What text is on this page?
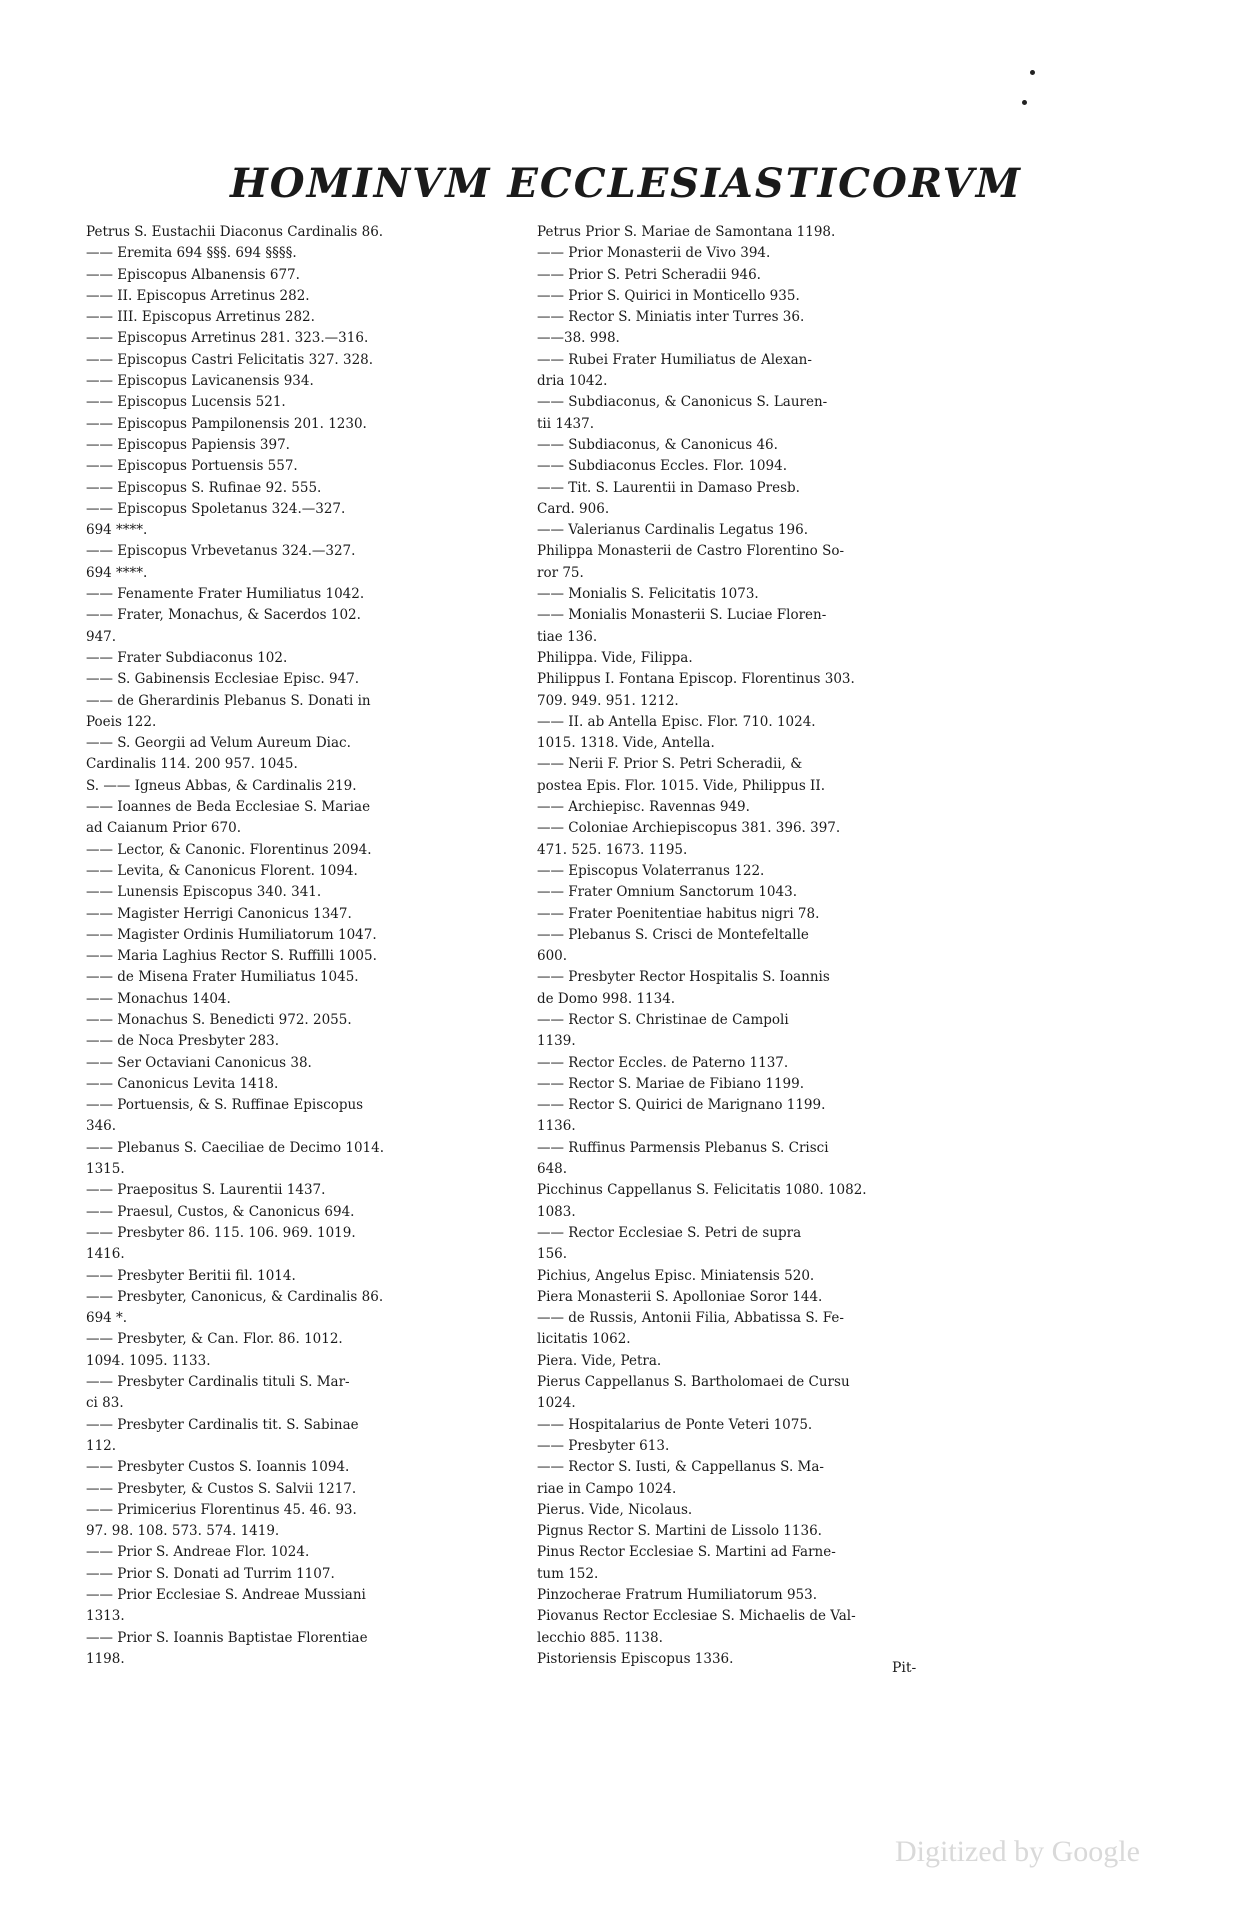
HOMINVM ECCLESIASTICORVM
Petrus S. Eustachii Diaconus Cardinalis 86.
—— Eremita 694 §§§. 694 §§§§.
—— Episcopus Albanensis 677.
—— II. Episcopus Arretinus 282.
—— III. Episcopus Arretinus 282.
—— Episcopus Arretinus 281. 323.—316.
—— Episcopus Castri Felicitatis 327. 328.
—— Episcopus Lavicanensis 934.
—— Episcopus Lucensis 521.
—— Episcopus Pampilonensis 201. 1230.
—— Episcopus Papiensis 397.
—— Episcopus Portuensis 557.
—— Episcopus S. Rufinae 92. 555.
—— Episcopus Spoletanus 324.—327.
694 ****.
—— Episcopus Vrbevetanus 324.—327.
694 ****.
—— Fenamente Frater Humiliatus 1042.
—— Frater, Monachus, & Sacerdos 102.
947.
—— Frater Subdiaconus 102.
—— S. Gabinensis Ecclesiae Episc. 947.
—— de Gherardinis Plebanus S. Donati in
Poeis 122.
—— S. Georgii ad Velum Aureum Diac.
Cardinalis 114. 200 957. 1045.
S. —— Igneus Abbas, & Cardinalis 219.
—— Ioannes de Beda Ecclesiae S. Mariae
ad Caianum Prior 670.
—— Lector, & Canonic. Florentinus 2094.
—— Levita, & Canonicus Florent. 1094.
—— Lunensis Episcopus 340. 341.
—— Magister Herrigi Canonicus 1347.
—— Magister Ordinis Humiliatorum 1047.
—— Maria Laghius Rector S. Ruffilli 1005.
—— de Misena Frater Humiliatus 1045.
—— Monachus 1404.
—— Monachus S. Benedicti 972. 2055.
—— de Noca Presbyter 283.
—— Ser Octaviani Canonicus 38.
—— Canonicus Levita 1418.
—— Portuensis, & S. Ruffinae Episcopus
346.
—— Plebanus S. Caeciliae de Decimo 1014.
1315.
—— Praepositus S. Laurentii 1437.
—— Praesul, Custos, & Canonicus 694.
—— Presbyter 86. 115. 106. 969. 1019.
1416.
—— Presbyter Beritii fil. 1014.
—— Presbyter, Canonicus, & Cardinalis 86.
694 *.
—— Presbyter, & Can. Flor. 86. 1012.
1094. 1095. 1133.
—— Presbyter Cardinalis tituli S. Mar-
ci 83.
—— Presbyter Cardinalis tit. S. Sabinae
112.
—— Presbyter Custos S. Ioannis 1094.
—— Presbyter, & Custos S. Salvii 1217.
—— Primicerius Florentinus 45. 46. 93.
97. 98. 108. 573. 574. 1419.
—— Prior S. Andreae Flor. 1024.
—— Prior S. Donati ad Turrim 1107.
—— Prior Ecclesiae S. Andreae Mussiani
1313.
—— Prior S. Ioannis Baptistae Florentiae
1198.
Petrus Prior S. Mariae de Samontana 1198.
—— Prior Monasterii de Vivo 394.
—— Prior S. Petri Scheradii 946.
—— Prior S. Quirici in Monticello 935.
—— Rector S. Miniatis inter Turres 36.
——38. 998.
—— Rubei Frater Humiliatus de Alexan-
dria 1042.
—— Subdiaconus, & Canonicus S. Lauren-
tii 1437.
—— Subdiaconus, & Canonicus 46.
—— Subdiaconus Eccles. Flor. 1094.
—— Tit. S. Laurentii in Damaso Presb.
Card. 906.
—— Valerianus Cardinalis Legatus 196.
Philippa Monasterii de Castro Florentino So-
ror 75.
—— Monialis S. Felicitatis 1073.
—— Monialis Monasterii S. Luciae Floren-
tiae 136.
Philippa. Vide, Filippa.
Philippus I. Fontana Episcop. Florentinus 303.
709. 949. 951. 1212.
—— II. ab Antella Episc. Flor. 710. 1024.
1015. 1318. Vide, Antella.
—— Nerii F. Prior S. Petri Scheradii, &
postea Epis. Flor. 1015. Vide, Philippus II.
—— Archiepisc. Ravennas 949.
—— Coloniae Archiepiscopus 381. 396. 397.
471. 525. 1673. 1195.
—— Episcopus Volaterranus 122.
—— Frater Omnium Sanctorum 1043.
—— Frater Poenitentiae habitus nigri 78.
—— Plebanus S. Crisci de Montefeltalle
600.
—— Presbyter Rector Hospitalis S. Ioannis
de Domo 998. 1134.
—— Rector S. Christinae de Campoli
1139.
—— Rector Eccles. de Paterno 1137.
—— Rector S. Mariae de Fibiano 1199.
—— Rector S. Quirici de Marignano 1199.
1136.
—— Ruffinus Parmensis Plebanus S. Crisci
648.
Picchinus Cappellanus S. Felicitatis 1080. 1082.
1083.
—— Rector Ecclesiae S. Petri de supra
156.
Pichius, Angelus Episc. Miniatensis 520.
Piera Monasterii S. Apolloniae Soror 144.
—— de Russis, Antonii Filia, Abbatissa S. Fe-
licitatis 1062.
Piera. Vide, Petra.
Pierus Cappellanus S. Bartholomaei de Cursu
1024.
—— Hospitalarius de Ponte Veteri 1075.
—— Presbyter 613.
—— Rector S. Iusti, & Cappellanus S. Ma-
riae in Campo 1024.
Pierus. Vide, Nicolaus.
Pignus Rector S. Martini de Lissolo 1136.
Pinus Rector Ecclesiae S. Martini ad Farne-
tum 152.
Pinzocherae Fratrum Humiliatorum 953.
Piovanus Rector Ecclesiae S. Michaelis de Val-
lecchio 885. 1138.
Pistoriensis Episcopus 1336.
Pit-
Digitized by Google
